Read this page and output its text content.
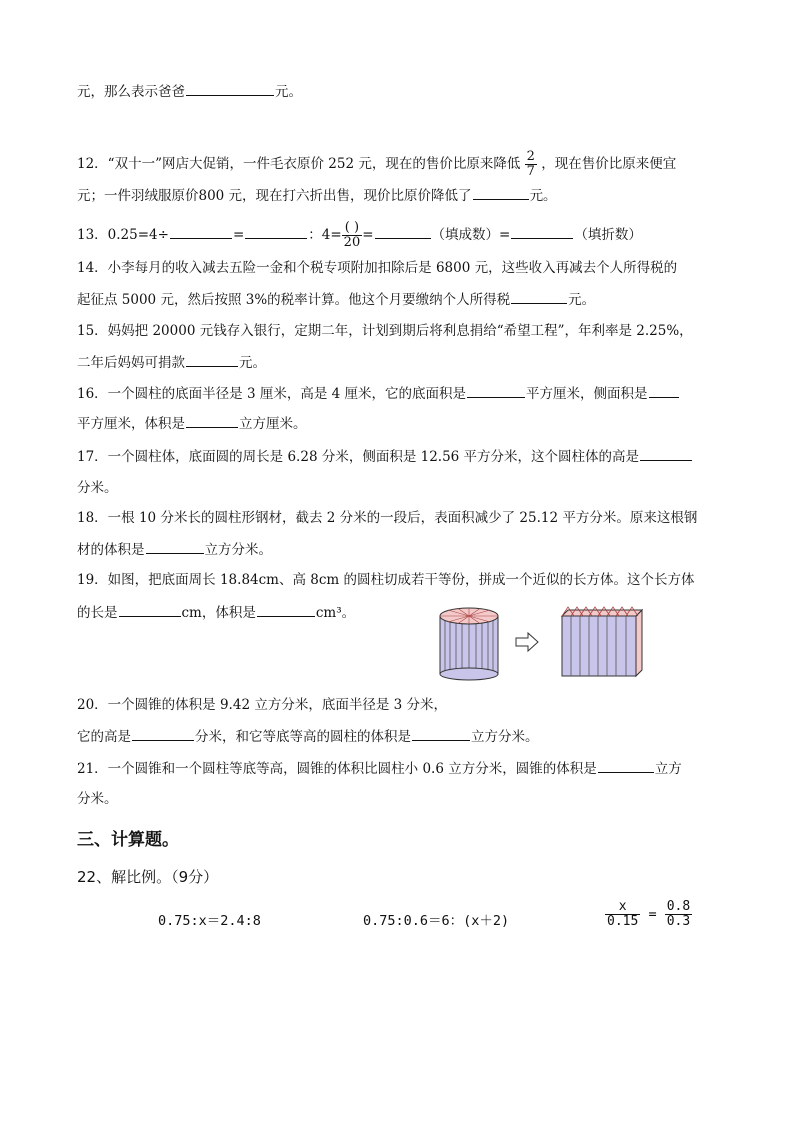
元，那么表示爸爸	元。
12．“双十一”网店大促销，一件毛衣原价 252 元，现在的售价比原来降低 $\frac{2}{7}$ ，现在售价比原来便宜
元；一件羽绒服原价800 元，现在打六折出售，现价比原价降低了	元。
13．0.25=4÷	=	：$4= \frac{( )}{20}$ =	（填成数）=	（填折数）
14．小李每月的收入减去五险一金和个税专项附加扣除后是 6800 元，这些收入再减去个人所得税的
起征点 5000 元，然后按照 3%的税率计算。他这个月要缴纳个人所得税	元。
15．妈妈把 20000 元钱存入银行，定期二年，计划到期后将利息捐给“希望工程”，年利率是 2.25%，
二年后妈妈可捐款	元。
16．一个圆柱的底面半径是 3 厘米，高是 4 厘米，它的底面积是	平方厘米，侧面积是
平方厘米，体积是	立方厘米。
17．一个圆柱体，底面圆的周长是 6.28 分米，侧面积是 12.56 平方分米，这个圆柱体的高是
分米。
18．一根 10 分米长的圆柱形钢材，截去 2 分米的一段后，表面积减少了 25.12 平方分米。原来这根钢
材的体积是	立方分米。
19．如图，把底面周长 18.84cm、高 8cm 的圆柱切成若干等份，拼成一个近似的长方体。这个长方体
的长是	cm，体积是	cm³。
20．一个圆锥的体积是 9.42 立方分米，底面半径是 3 分米，
它的高是	分米，和它等底等高的圆柱的体积是	立方分米。
21．一个圆锥和一个圆柱等底等高，圆锥的体积比圆柱小 0.6 立方分米，圆锥的体积是	立方
分米。
三、计算题。
22、解比例。（9分）
0.75:x＝2.4:8	0.75:0.6＝6：(x＋2)	$\frac{x}{0.15} = \frac{0.8}{0.3}$
